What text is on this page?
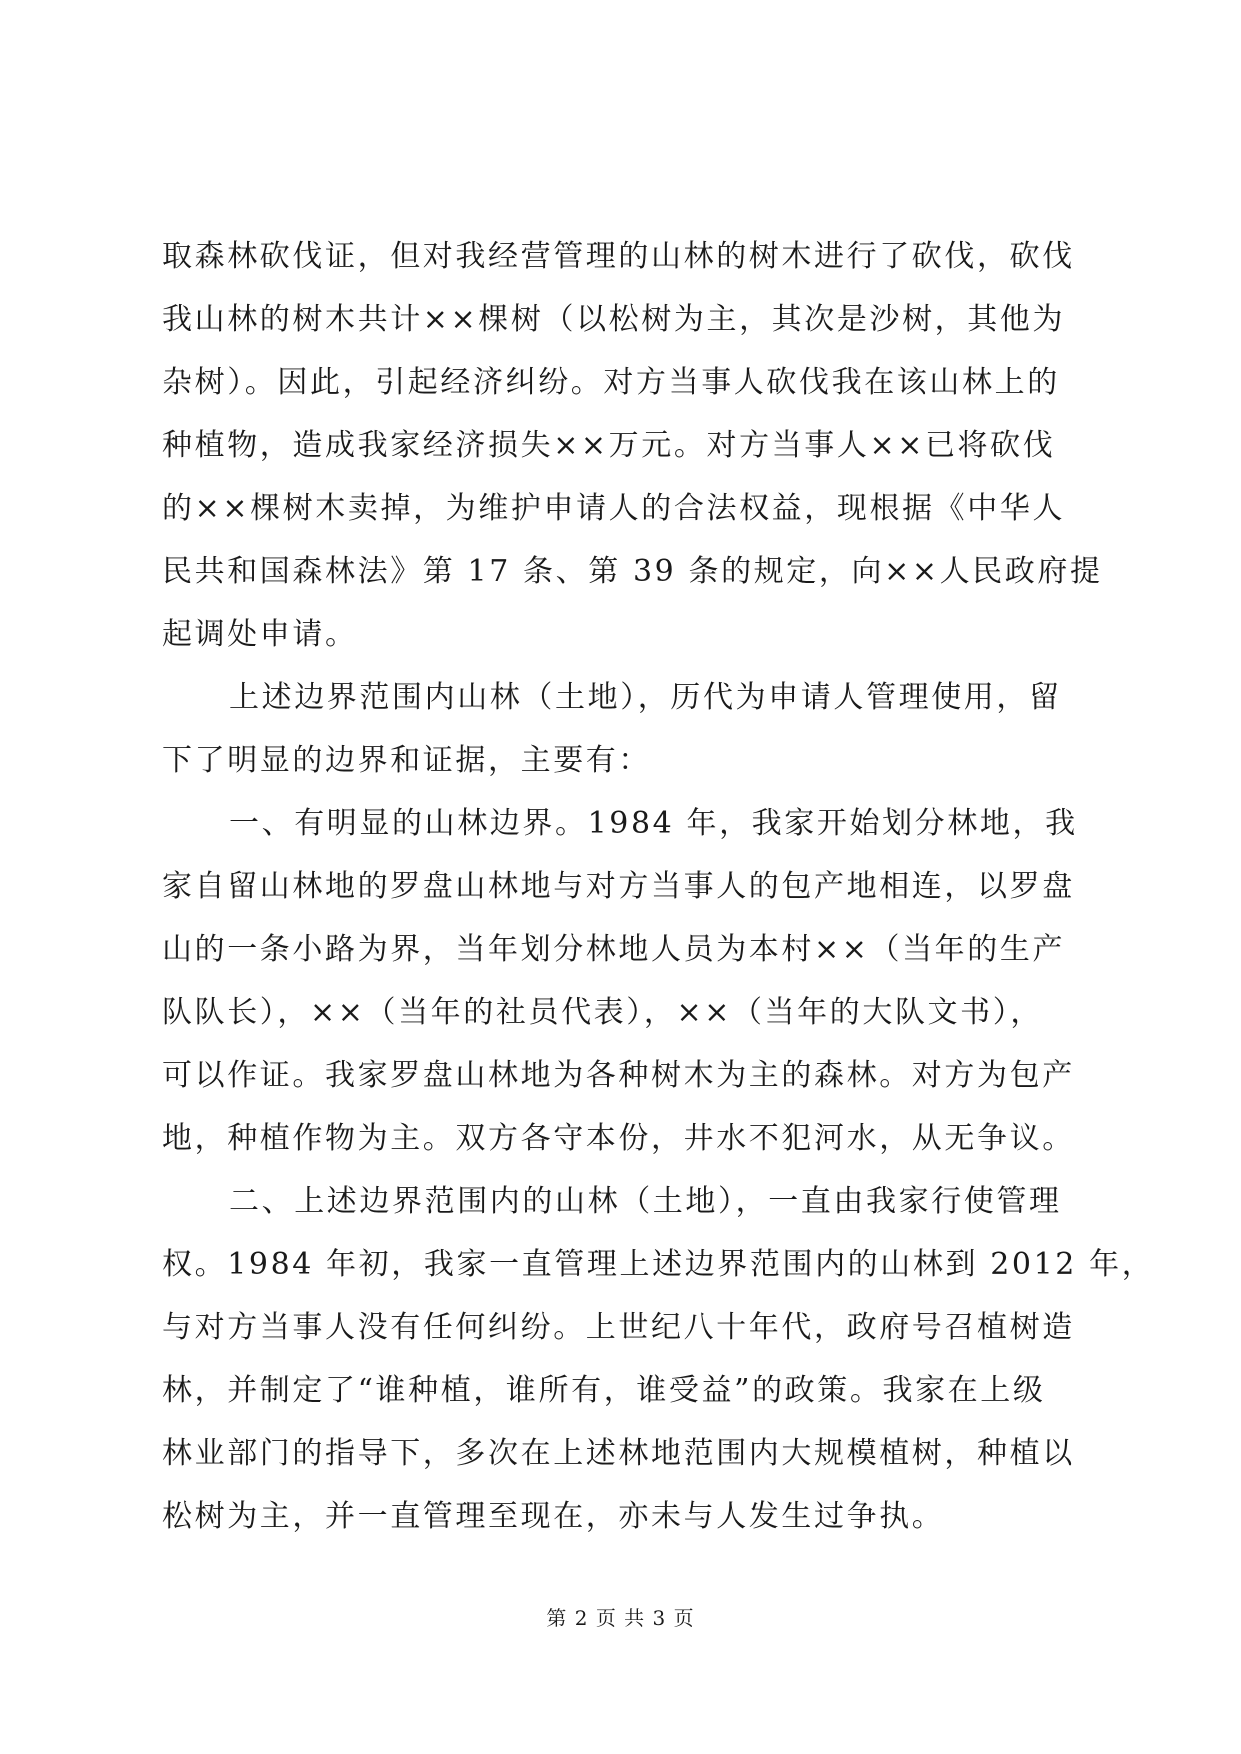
取森林砍伐证，但对我经营管理的山林的树木进行了砍伐，砍伐
我山林的树木共计××棵树（以松树为主，其次是沙树，其他为
杂树）。因此，引起经济纠纷。对方当事人砍伐我在该山林上的
种植物，造成我家经济损失××万元。对方当事人××已将砍伐
的××棵树木卖掉，为维护申请人的合法权益，现根据《中华人
民共和国森林法》第 17 条、第 39 条的规定，向××人民政府提
起调处申请。
上述边界范围内山林（土地），历代为申请人管理使用，留
下了明显的边界和证据，主要有：
一、有明显的山林边界。1984 年，我家开始划分林地，我
家自留山林地的罗盘山林地与对方当事人的包产地相连，以罗盘
山的一条小路为界，当年划分林地人员为本村××（当年的生产
队队长），××（当年的社员代表），××（当年的大队文书），
可以作证。我家罗盘山林地为各种树木为主的森林。对方为包产
地，种植作物为主。双方各守本份，井水不犯河水，从无争议。
二、上述边界范围内的山林（土地），一直由我家行使管理
权。1984 年初，我家一直管理上述边界范围内的山林到 2012 年，
与对方当事人没有任何纠纷。上世纪八十年代，政府号召植树造
林，并制定了“谁种植，谁所有，谁受益”的政策。我家在上级
林业部门的指导下，多次在上述林地范围内大规模植树，种植以
松树为主，并一直管理至现在，亦未与人发生过争执。
第 2 页 共 3 页
